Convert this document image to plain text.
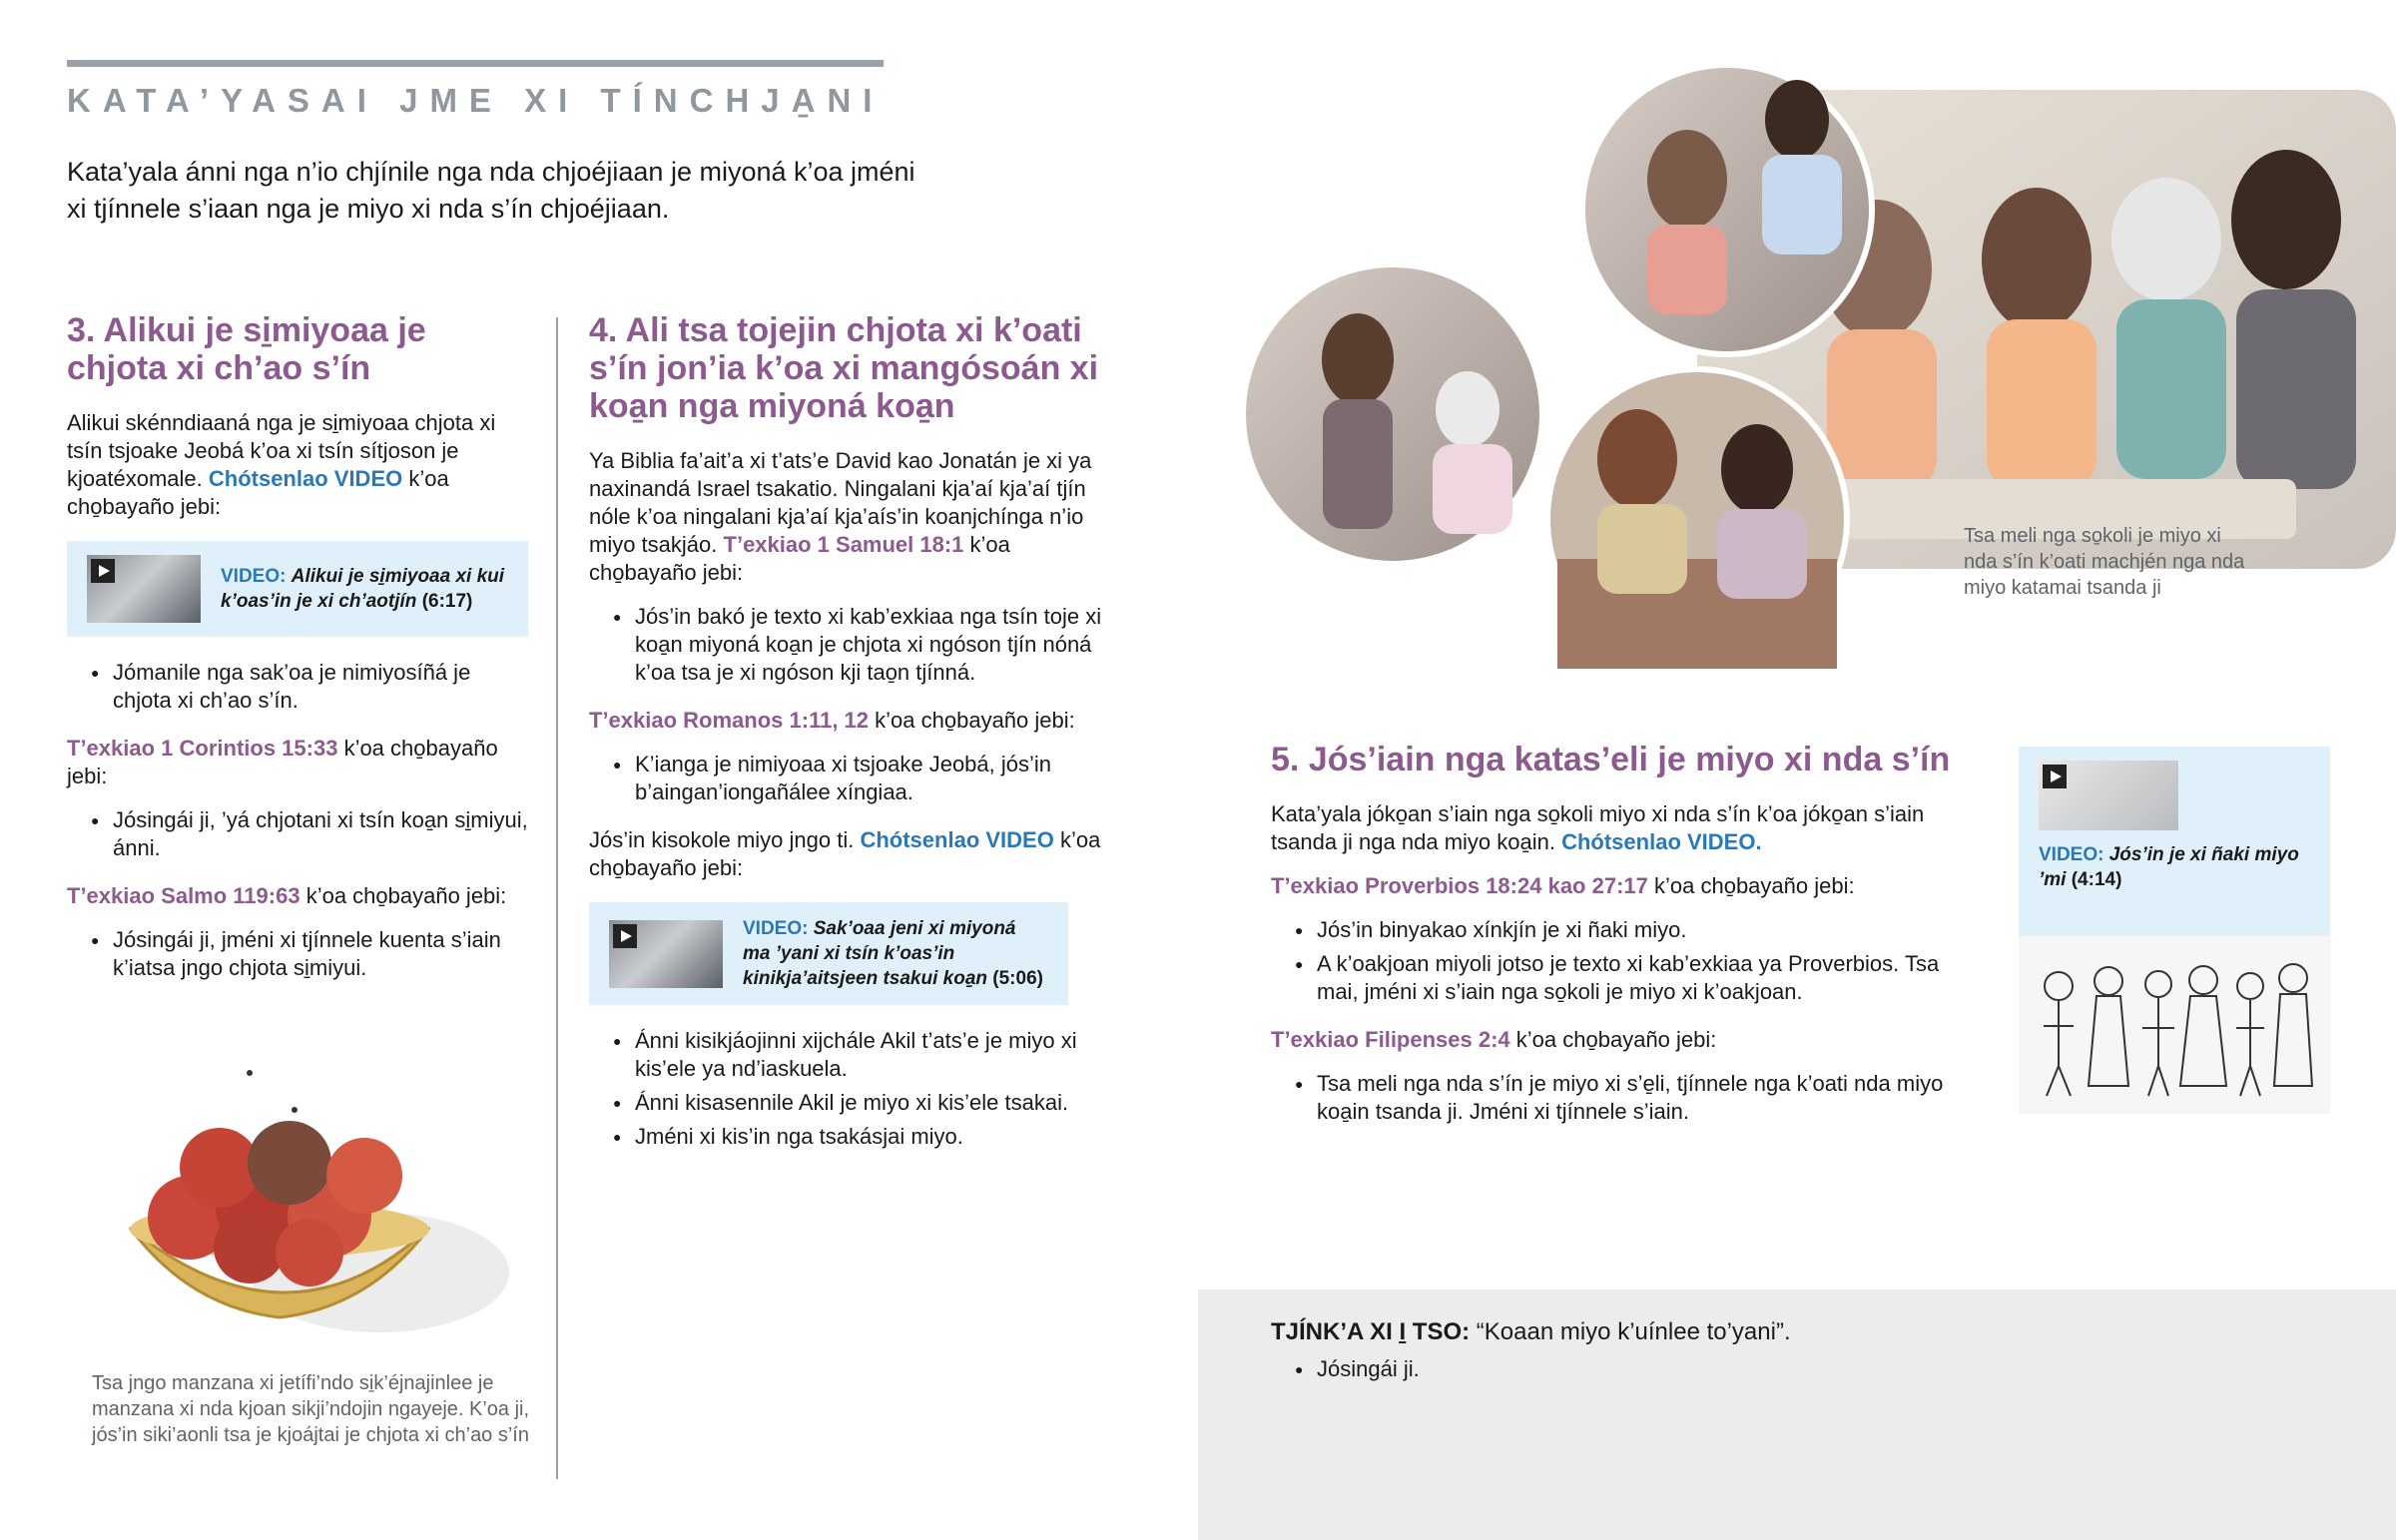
KATA’YASAI JME XI TÍNCHJA̱NI
Kata’yala ánni nga n’io chjínile nga nda chjoéjiaan je miyoná k’oa jméni
xi tjínnele s’iaan nga je miyo xi nda s’ín chjoéjiaan.
3. Alikui je si̱miyoaa je
chjota xi ch’ao s’ín

Alikui skénndiaaná nga je si̱miyoaa chjota xi tsín tsjoake Jeobá k’oa xi tsín sítjoson je kjoatéxomale. Chótsenlao VIDEO k’oa cho̱bayaño jebi:

VIDEO: Alikui je si̱miyoaa xi kui k’oas’in je xi ch’aotjín (6:17)
● Jómanile nga sak’oa je nimiyosíñá je chjota xi ch’ao s’ín.

T’exkiao 1 Corintios 15:33 k’oa cho̱bayaño jebi:

● Jósingái ji, ’yá chjotani xi tsín koa̱n si̱miyui, ánni.

T’exkiao Salmo 119:63 k’oa cho̱bayaño jebi:

● Jósingái ji, jméni xi tjínnele kuenta s’iain k’iatsa jngo chjota si̱miyui.
Tsa jngo manzana xi jetífi’ndo si̱k’éjnajinlee je manzana xi nda kjoan sikji’ndojin ngayeje. K’oa ji, jós’in siki’aonli tsa je kjoájtai je chjota xi ch’ao s’ín
4. Ali tsa tojejin chjota xi k’oati
s’ín jon’ia k’oa xi mangósoán xi
koa̱n nga miyoná koa̱n

Ya Biblia fa’ait’a xi t’ats’e David kao Jonatán je xi ya naxinandá Israel tsakatio. Ningalani kja’aí kja’aí tjín nóle k’oa ningalani kja’aí kja’aís’in koanjchínga n’io miyo tsakjáo. T’exkiao 1 Samuel 18:1 k’oa cho̱bayaño jebi:

● Jós’in bakó je texto xi kab’exkiaa nga tsín toje xi koa̱n miyoná koa̱n je chjota xi ngóson tjín nóná k’oa tsa je xi ngóson kji tao̱n tjínná.

T’exkiao Romanos 1:11, 12 k’oa cho̱bayaño jebi:

● K’ianga je nimiyoaa xi tsjoake Jeobá, jós’in b’aingan’iongañálee xíngiaa.

Jós’in kisokole miyo jngo ti. Chótsenlao VIDEO k’oa cho̱bayaño jebi:

VIDEO: Sak’oaa jeni xi miyoná ma ’yani xi tsín k’oas’in kinikja’aitsjeen tsakui koa̱n (5:06)
● Ánni kisikjáojinni xijchále Akil t’ats’e je miyo xi kis’ele ya nd’iaskuela.
● Ánni kisasennile Akil je miyo xi kis’ele tsakai.
● Jméni xi kis’in nga tsakásjai miyo.
Tsa meli nga so̱koli je miyo xi nda s’ín k’oati machjén nga nda miyo katamai tsanda ji
5. Jós’iain nga katas’eli je miyo xi nda s’ín

Kata’yala jóko̱an s’iain nga so̱koli miyo xi nda s’ín k’oa jóko̱an s’iain tsanda ji nga nda miyo koa̱in. Chótsenlao VIDEO.

T’exkiao Proverbios 18:24 kao 27:17 k’oa cho̱bayaño jebi:

● Jós’in binyakao xínkjín je xi ñaki miyo.
● A k’oakjoan miyoli jotso je texto xi kab’exkiaa ya Proverbios. Tsa mai, jméni xi s’iain nga so̱koli je miyo xi k’oakjoan.

T’exkiao Filipenses 2:4 k’oa cho̱bayaño jebi:

● Tsa meli nga nda s’ín je miyo xi s’e̱li, tjínnele nga k’oati nda miyo koa̱in tsanda ji. Jméni xi tjínnele s’iain.
VIDEO: Jós’in je xi ñaki miyo ’mi (4:14)
TJÍNK’A XI I̱ TSO: “Koaan miyo k’uínlee to’yani”.
● Jósingái ji.
